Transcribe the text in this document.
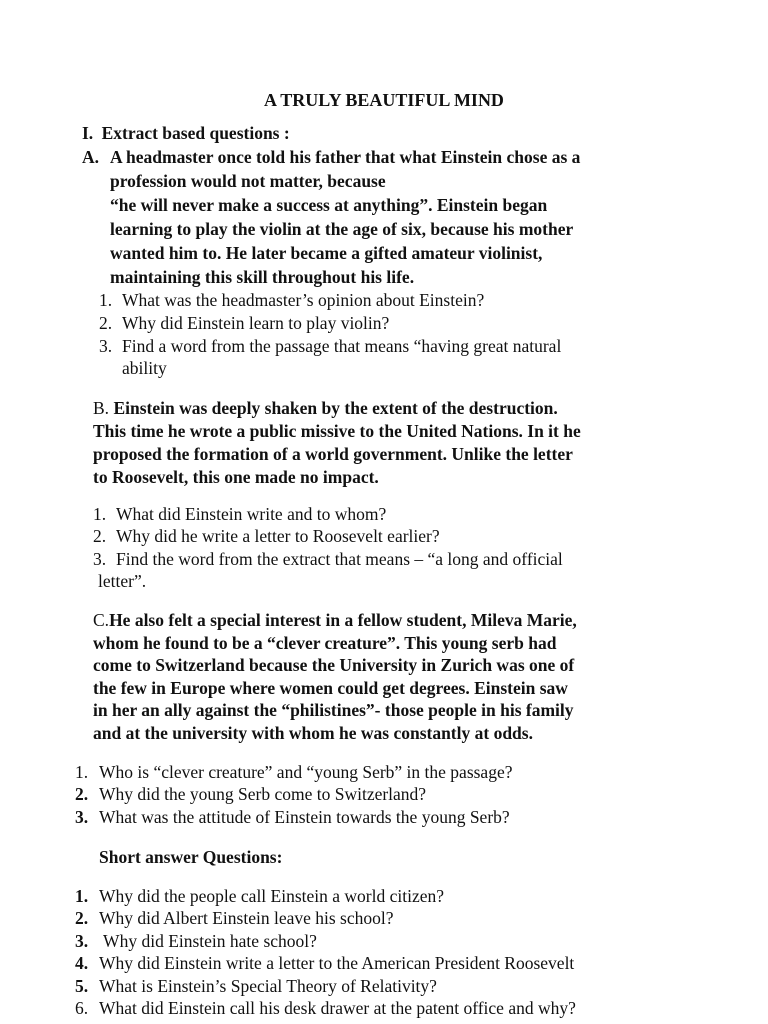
A TRULY BEAUTIFUL MIND
I. Extract based questions :
A. A headmaster once told his father that what Einstein chose as a
profession would not matter, because
“he will never make a success at anything”. Einstein began
learning to play the violin at the age of six, because his mother
wanted him to. He later became a gifted amateur violinist,
maintaining this skill throughout his life.
1. What was the headmaster’s opinion about Einstein?
2. Why did Einstein learn to play violin?
3. Find a word from the passage that means “having great natural
ability
B. Einstein was deeply shaken by the extent of the destruction.
This time he wrote a public missive to the United Nations. In it he
proposed the formation of a world government. Unlike the letter
to Roosevelt, this one made no impact.
1. What did Einstein write and to whom?
2. Why did he write a letter to Roosevelt earlier?
3. Find the word from the extract that means – “a long and official
letter”.
C.He also felt a special interest in a fellow student, Mileva Marie,
whom he found to be a “clever creature”. This young serb had
come to Switzerland because the University in Zurich was one of
the few in Europe where women could get degrees. Einstein saw
in her an ally against the “philistines”- those people in his family
and at the university with whom he was constantly at odds.
1. Who is “clever creature” and “young Serb” in the passage?
2. Why did the young Serb come to Switzerland?
3. What was the attitude of Einstein towards the young Serb?
Short answer Questions:
1. Why did the people call Einstein a world citizen?
2. Why did Albert Einstein leave his school?
3. Why did Einstein hate school?
4. Why did Einstein write a letter to the American President Roosevelt
5. What is Einstein’s Special Theory of Relativity?
6. What did Einstein call his desk drawer at the patent office and why?
